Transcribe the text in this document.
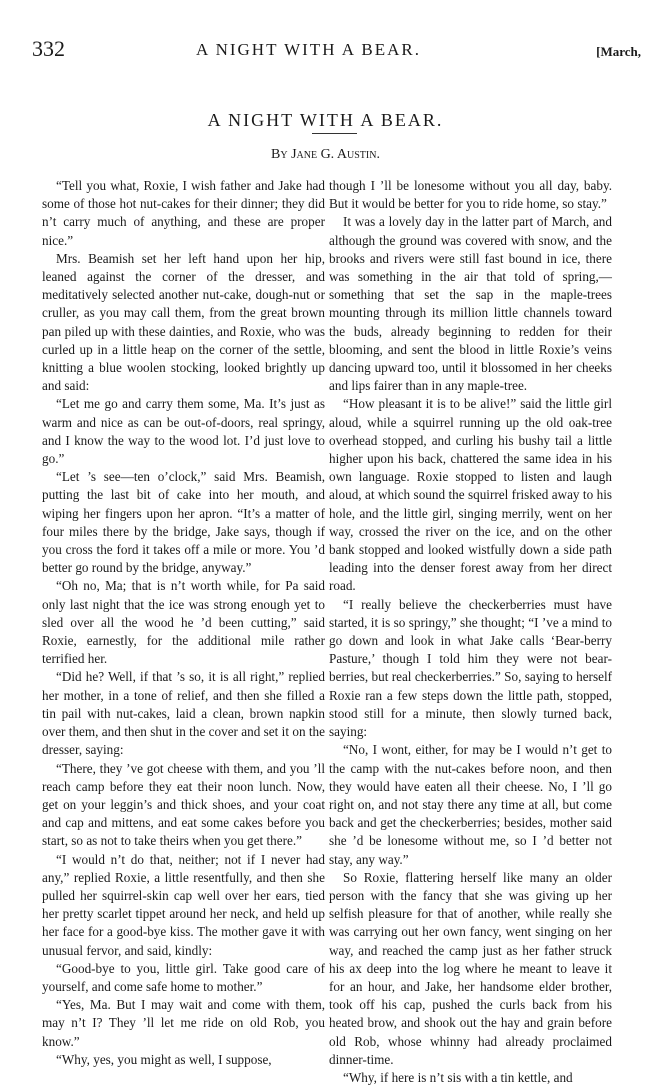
332	A NIGHT WITH A BEAR.	[March,
A NIGHT WITH A BEAR.
By Jane G. Austin.

“Tell you what, Roxie, I wish father and Jake had some of those hot nut-cakes for their dinner; they did n’t carry much of anything, and these are proper nice.”

Mrs. Beamish set her left hand upon her hip, leaned against the corner of the dresser, and meditatively selected another nut-cake, dough-nut or cruller, as you may call them, from the great brown pan piled up with these dainties, and Roxie, who was curled up in a little heap on the corner of the settle, knitting a blue woolen stocking, looked brightly up and said:

“Let me go and carry them some, Ma. It’s just as warm and nice as can be out-of-doors, real springy, and I know the way to the wood lot. I’d just love to go.”

“Let ’s see—ten o’clock,” said Mrs. Beamish, putting the last bit of cake into her mouth, and wiping her fingers upon her apron. “It’s a matter of four miles there by the bridge, Jake says, though if you cross the ford it takes off a mile or more. You ’d better go round by the bridge, anyway.”

“Oh no, Ma; that is n’t worth while, for Pa said only last night that the ice was strong enough yet to sled over all the wood he ’d been cutting,” said Roxie, earnestly, for the additional mile rather terrified her.

“Did he? Well, if that ’s so, it is all right,” replied her mother, in a tone of relief, and then she filled a tin pail with nut-cakes, laid a clean, brown napkin over them, and then shut in the cover and set it on the dresser, saying:

“There, they ’ve got cheese with them, and you ’ll reach camp before they eat their noon lunch. Now, get on your leggin’s and thick shoes, and your coat and cap and mittens, and eat some cakes before you start, so as not to take theirs when you get there.”

“I would n’t do that, neither; not if I never had any,” replied Roxie, a little resentfully, and then she pulled her squirrel-skin cap well over her ears, tied her pretty scarlet tippet around her neck, and held up her face for a good-bye kiss. The mother gave it with unusual fervor, and said, kindly:

“Good-bye to you, little girl. Take good care of yourself, and come safe home to mother.”

“Yes, Ma. But I may wait and come with them, may n’t I? They ’ll let me ride on old Rob, you know.”

“Why, yes, you might as well, I suppose,

though I ’ll be lonesome without you all day, baby. But it would be better for you to ride home, so stay.”

It was a lovely day in the latter part of March, and although the ground was covered with snow, and the brooks and rivers were still fast bound in ice, there was something in the air that told of spring,—something that set the sap in the maple-trees mounting through its million little channels toward the buds, already beginning to redden for their blooming, and sent the blood in little Roxie’s veins dancing upward too, until it blossomed in her cheeks and lips fairer than in any maple-tree.

“How pleasant it is to be alive!” said the little girl aloud, while a squirrel running up the old oak-tree overhead stopped, and curling his bushy tail a little higher upon his back, chattered the same idea in his own language. Roxie stopped to listen and laugh aloud, at which sound the squirrel frisked away to his hole, and the little girl, singing merrily, went on her way, crossed the river on the ice, and on the other bank stopped and looked wistfully down a side path leading into the denser forest away from her direct road.

“I really believe the checkerberries must have started, it is so springy,” she thought; “I ’ve a mind to go down and look in what Jake calls ‘Bear-berry Pasture,’ though I told him they were not bear-berries, but real checkerberries.” So, saying to herself Roxie ran a few steps down the little path, stopped, stood still for a minute, then slowly turned back, saying:

“No, I wont, either, for may be I would n’t get to the camp with the nut-cakes before noon, and then they would have eaten all their cheese. No, I ’ll go right on, and not stay there any time at all, but come back and get the checkerberries; besides, mother said she ’d be lonesome without me, so I ’d better not stay, any way.”

So Roxie, flattering herself like many an older person with the fancy that she was giving up her selfish pleasure for that of another, while really she was carrying out her own fancy, went singing on her way, and reached the camp just as her father struck his ax deep into the log where he meant to leave it for an hour, and Jake, her handsome elder brother, took off his cap, pushed the curls back from his heated brow, and shook out the hay and grain before old Rob, whose whinny had already proclaimed dinner-time.

“Why, if here is n’t sis with a tin kettle, and
